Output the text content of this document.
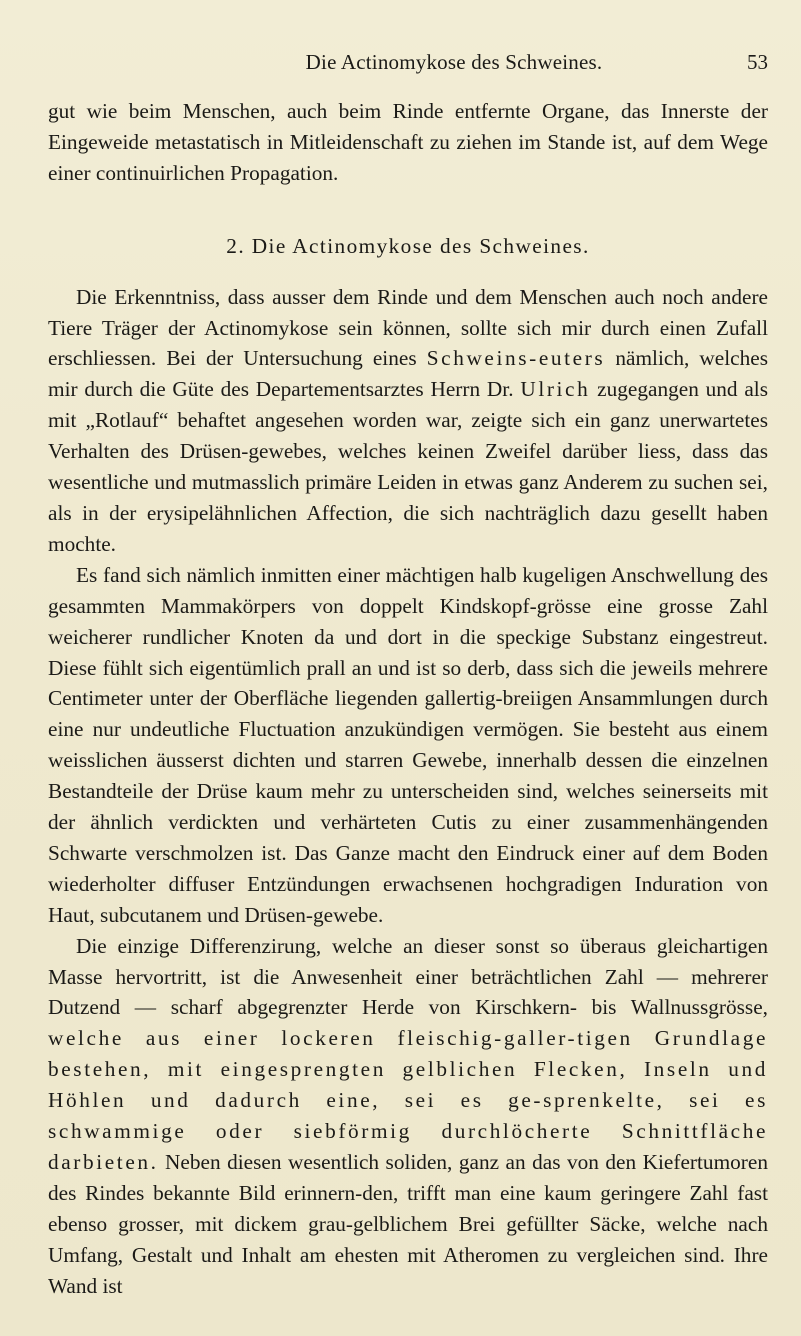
Die Actinomykose des Schweines.	53

gut wie beim Menschen, auch beim Rinde entfernte Organe, das Innerste der Eingeweide metastatisch in Mitleidenschaft zu ziehen im Stande ist, auf dem Wege einer continuirlichen Propagation.

2. Die Actinomykose des Schweines.

Die Erkenntniss, dass ausser dem Rinde und dem Menschen auch noch andere Tiere Träger der Actinomykose sein können, sollte sich mir durch einen Zufall erschliessen. Bei der Untersuchung eines Schweins-euters nämlich, welches mir durch die Güte des Departementsarztes Herrn Dr. Ulrich zugegangen und als mit „Rotlauf“ behaftet angesehen worden war, zeigte sich ein ganz unerwartetes Verhalten des Drüsen-gewebes, welches keinen Zweifel darüber liess, dass das wesentliche und mutmasslich primäre Leiden in etwas ganz Anderem zu suchen sei, als in der erysipelähnlichen Affection, die sich nachträglich dazu gesellt haben mochte.

Es fand sich nämlich inmitten einer mächtigen halb kugeligen Anschwellung des gesammten Mammakörpers von doppelt Kindskopf-grösse eine grosse Zahl weicherer rundlicher Knoten da und dort in die speckige Substanz eingestreut. Diese fühlt sich eigentümlich prall an und ist so derb, dass sich die jeweils mehrere Centimeter unter der Oberfläche liegenden gallertig-breiigen Ansammlungen durch eine nur undeutliche Fluctuation anzukündigen vermögen. Sie besteht aus einem weisslichen äusserst dichten und starren Gewebe, innerhalb dessen die einzelnen Bestandteile der Drüse kaum mehr zu unterscheiden sind, welches seinerseits mit der ähnlich verdickten und verhärteten Cutis zu einer zusammenhängenden Schwarte verschmolzen ist. Das Ganze macht den Eindruck einer auf dem Boden wiederholter diffuser Entzündungen erwachsenen hochgradigen Induration von Haut, subcutanem und Drüsen-gewebe.

Die einzige Differenzirung, welche an dieser sonst so überaus gleichartigen Masse hervortritt, ist die Anwesenheit einer beträchtlichen Zahl — mehrerer Dutzend — scharf abgegrenzter Herde von Kirschkern- bis Wallnussgrösse, welche aus einer lockeren fleischig-galler-tigen Grundlage bestehen, mit eingesprengten gelblichen Flecken, Inseln und Höhlen und dadurch eine, sei es ge-sprenkelte, sei es schwammige oder siebförmig durchlöcherte Schnittfläche darbieten. Neben diesen wesentlich soliden, ganz an das von den Kiefertumoren des Rindes bekannte Bild erinnern-den, trifft man eine kaum geringere Zahl fast ebenso grosser, mit dickem grau-gelblichem Brei gefüllter Säcke, welche nach Umfang, Gestalt und Inhalt am ehesten mit Atheromen zu vergleichen sind. Ihre Wand ist
